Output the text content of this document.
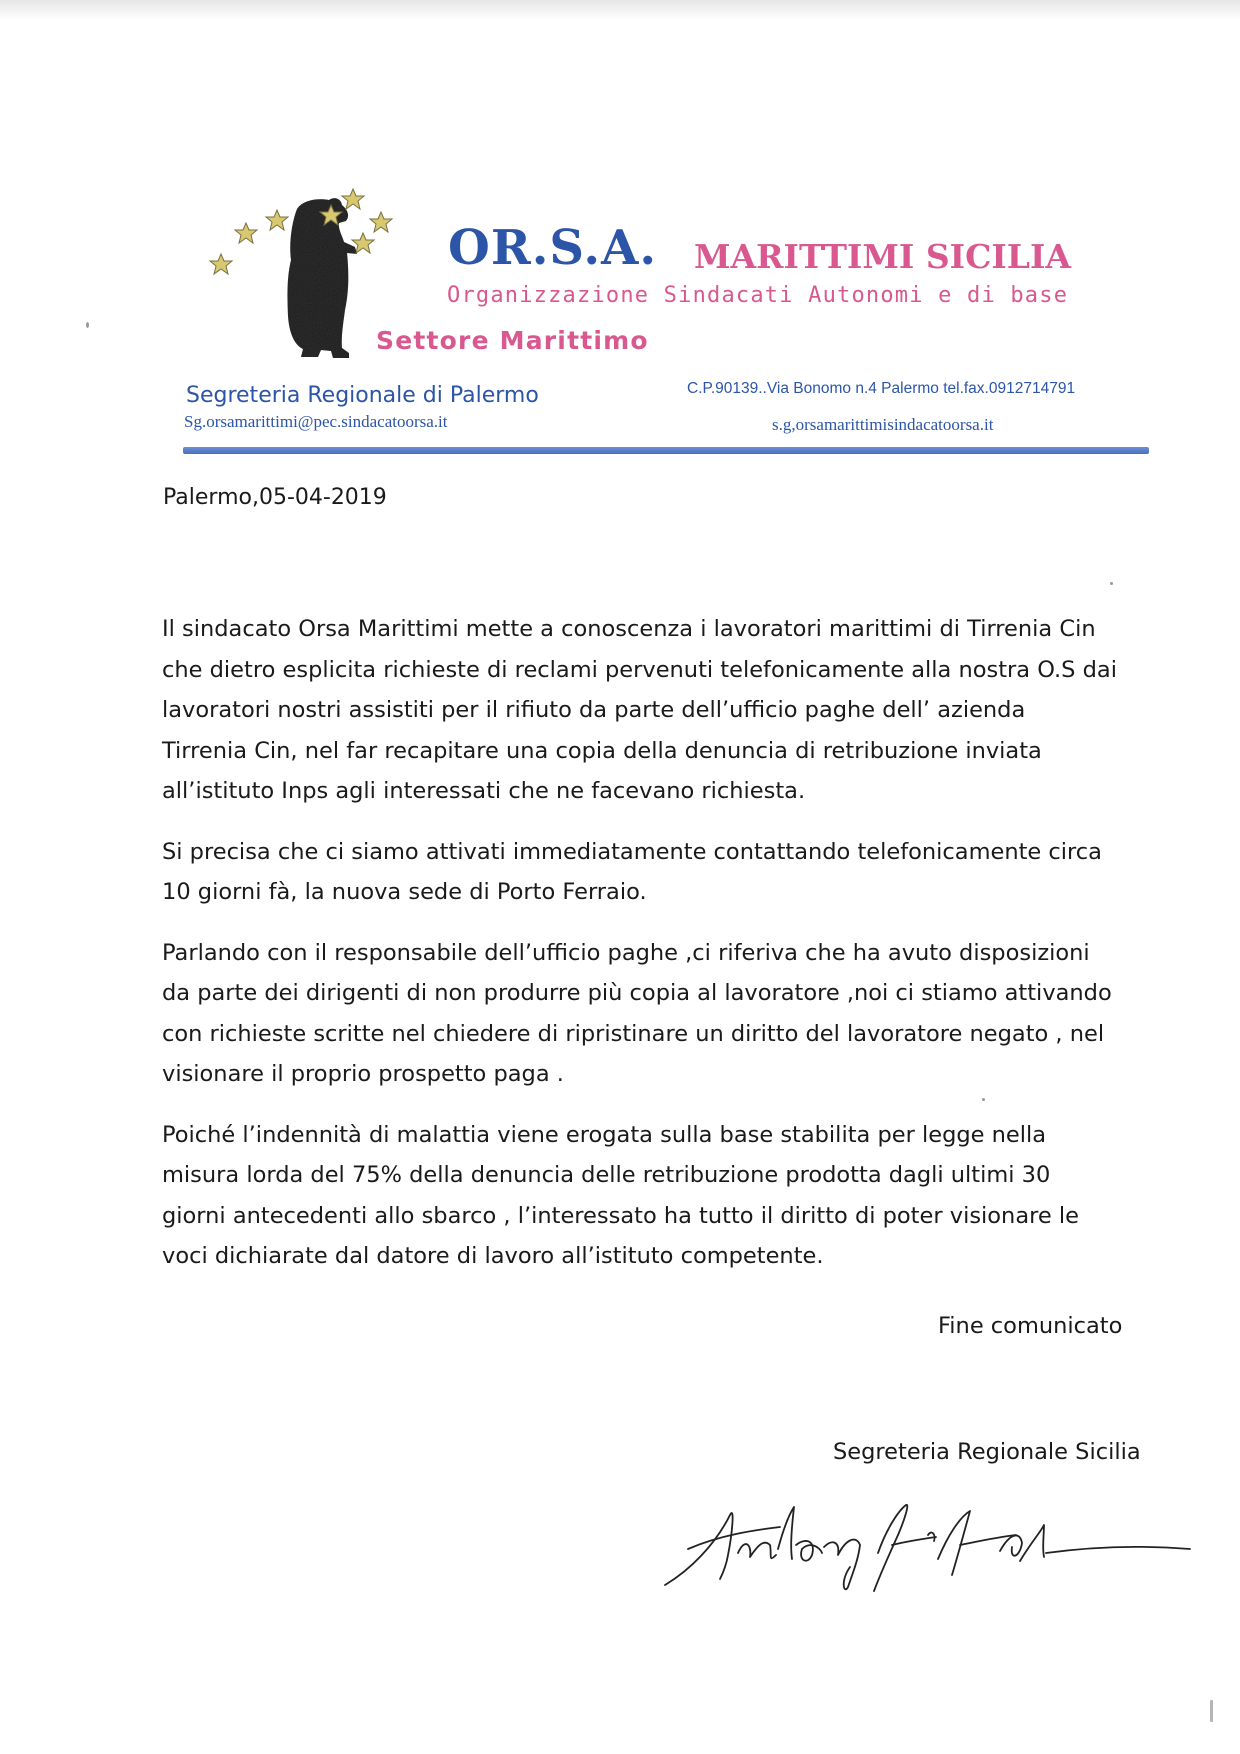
OR.S.A. MARITTIMI SICILIA
Organizzazione Sindacati Autonomi e di base
Settore Marittimo
Segreteria Regionale di Palermo	C.P.90139..Via Bonomo n.4 Palermo tel.fax.0912714791
Sg.orsamarittimi@pec.sindacatoorsa.it	s.g,orsamarittimisindacatoorsa.it
Palermo,05-04-2019

Il sindacato Orsa Marittimi mette a conoscenza i lavoratori marittimi di Tirrenia Cin
che dietro esplicita richieste di reclami pervenuti telefonicamente alla nostra O.S dai
lavoratori nostri assistiti per il rifiuto da parte dell’ufficio paghe dell’ azienda
Tirrenia Cin, nel far recapitare una copia della denuncia di retribuzione inviata
all’istituto Inps agli interessati che ne facevano richiesta.

Si precisa che ci siamo attivati immediatamente contattando telefonicamente circa
10 giorni fà, la nuova sede di Porto Ferraio.

Parlando con il responsabile dell’ufficio paghe ,ci riferiva che ha avuto disposizioni
da parte dei dirigenti di non produrre più copia al lavoratore ,noi ci stiamo attivando
con richieste scritte nel chiedere di ripristinare un diritto del lavoratore negato , nel
visionare il proprio prospetto paga .

Poiché l’indennità di malattia viene erogata sulla base stabilita per legge nella
misura lorda del 75% della denuncia delle retribuzione prodotta dagli ultimi 30
giorni antecedenti allo sbarco , l’interessato ha tutto il diritto di poter visionare le
voci dichiarate dal datore di lavoro all’istituto competente.

Fine comunicato
Segreteria Regionale Sicilia
